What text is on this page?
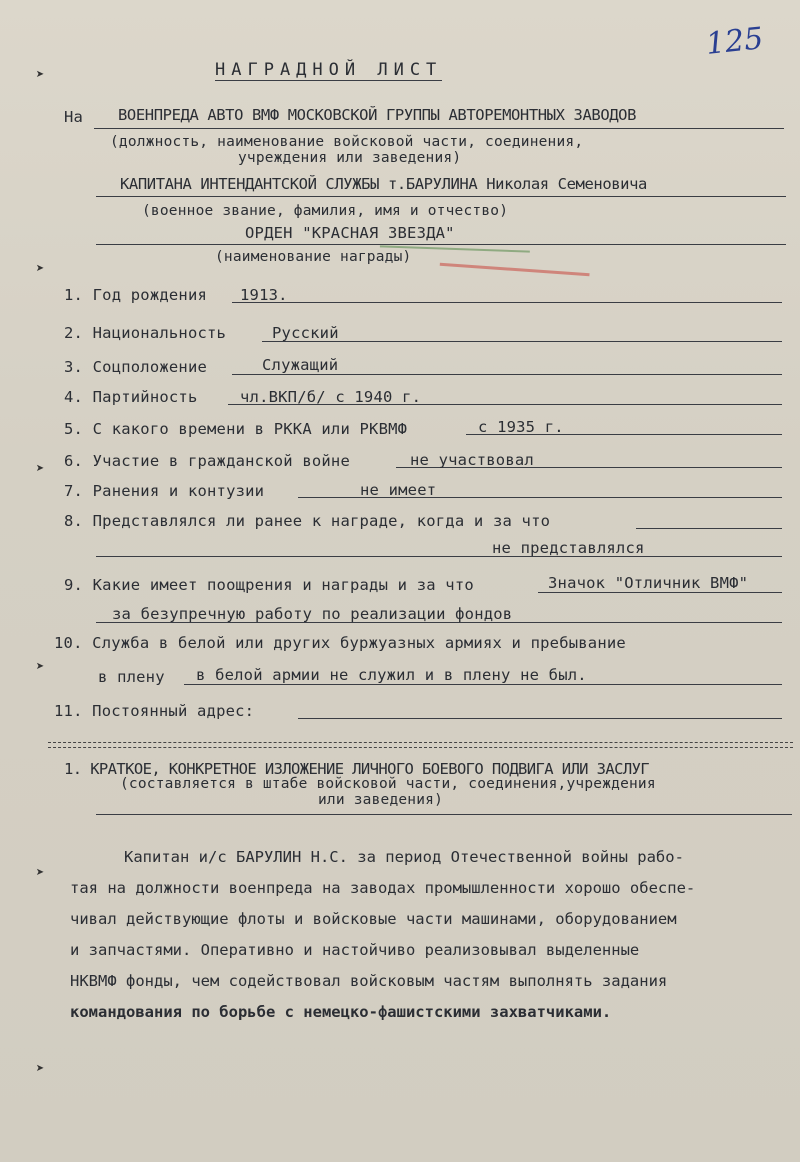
125
➤
➤
➤
➤
➤
➤
НАГРАДНОЙ ЛИСТ
На ВОЕНПРЕДА АВТО ВМФ МОСКОВСКОЙ ГРУППЫ АВТОРЕМОНТНЫХ ЗАВОДОВ
(должность, наименование войсковой части, соединения,
учреждения или заведения)
КАПИТАНА ИНТЕНДАНТСКОЙ СЛУЖБЫ т.БАРУЛИНА Николая Семеновича
(военное звание, фамилия, имя и отчество)
ОРДЕН "КРАСНАЯ ЗВЕЗДА"
(наименование награды)
1. Год рождения 1913.
2. Национальность	Русский
3. Соцположение	Служащий
4. Партийность	чл.ВКП/б/ с 1940 г.
5. С какого времени в РККА или РКВМФ	с 1935 г.
6. Участие в гражданской войне	не участвовал
7. Ранения и контузии	не имеет
8. Представлялся ли ранее к награде, когда и за что
не представлялся
9. Какие имеет поощрения и награды и за что	Значок "Отличник ВМФ"
за безупречную работу по реализации фондов
10. Служба в белой или других буржуазных армиях и пребывание
в плену в белой армии не служил и в плену не был.
11. Постоянный адрес:
1. КРАТКОЕ, КОНКРЕТНОЕ ИЗЛОЖЕНИЕ ЛИЧНОГО БОЕВОГО ПОДВИГА ИЛИ ЗАСЛУГ
(составляется в штабе войсковой части, соединения,учреждения
или заведения)
Капитан и/с БАРУЛИН Н.С. за период Отечественной войны рабо-
тая на должности военпреда на заводах промышленности хорошо обеспе-
чивал действующие флоты и войсковые части машинами, оборудованием
и запчастями. Оперативно и настойчиво реализовывал выделенные
НКВМФ фонды, чем содействовал войсковым частям выполнять задания
командования по борьбе с немецко-фашистскими захватчиками.
